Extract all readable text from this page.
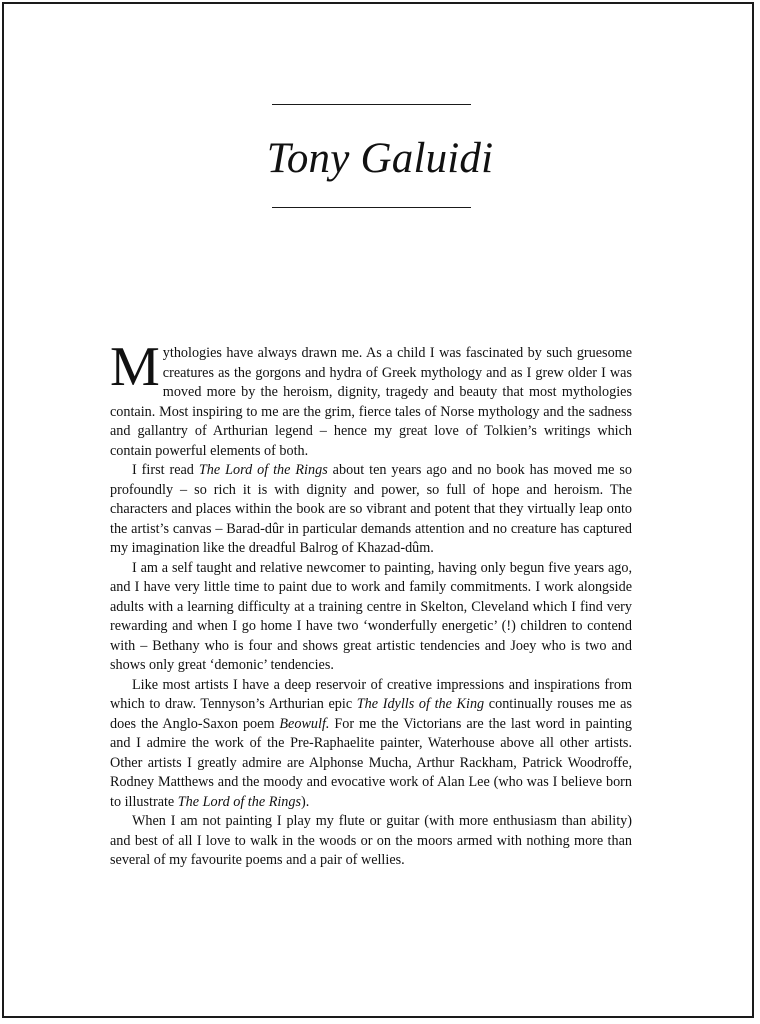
Tony Galuidi

Mythologies have always drawn me. As a child I was fascinated by such gruesome creatures as the gorgons and hydra of Greek mythology and as I grew older I was moved more by the heroism, dignity, tragedy and beauty that most mythologies contain. Most inspiring to me are the grim, fierce tales of Norse mythology and the sadness and gallantry of Arthurian legend – hence my great love of Tolkien’s writings which contain powerful elements of both.

I first read The Lord of the Rings about ten years ago and no book has moved me so profoundly – so rich it is with dignity and power, so full of hope and heroism. The characters and places within the book are so vibrant and potent that they virtually leap onto the artist’s canvas – Barad-dûr in particular demands attention and no creature has captured my imagination like the dreadful Balrog of Khazad-dûm.

I am a self taught and relative newcomer to painting, having only begun five years ago, and I have very little time to paint due to work and family commitments. I work alongside adults with a learning difficulty at a training centre in Skelton, Cleveland which I find very rewarding and when I go home I have two ‘wonderfully energetic’ (!) children to contend with – Bethany who is four and shows great artistic tendencies and Joey who is two and shows only great ‘demonic’ tendencies.

Like most artists I have a deep reservoir of creative impressions and inspirations from which to draw. Tennyson’s Arthurian epic The Idylls of the King continually rouses me as does the Anglo-Saxon poem Beowulf. For me the Victorians are the last word in painting and I admire the work of the Pre-Raphaelite painter, Waterhouse above all other artists. Other artists I greatly admire are Alphonse Mucha, Arthur Rackham, Patrick Woodroffe, Rodney Matthews and the moody and evocative work of Alan Lee (who was I believe born to illustrate The Lord of the Rings).

When I am not painting I play my flute or guitar (with more enthusiasm than ability) and best of all I love to walk in the woods or on the moors armed with nothing more than several of my favourite poems and a pair of wellies.
